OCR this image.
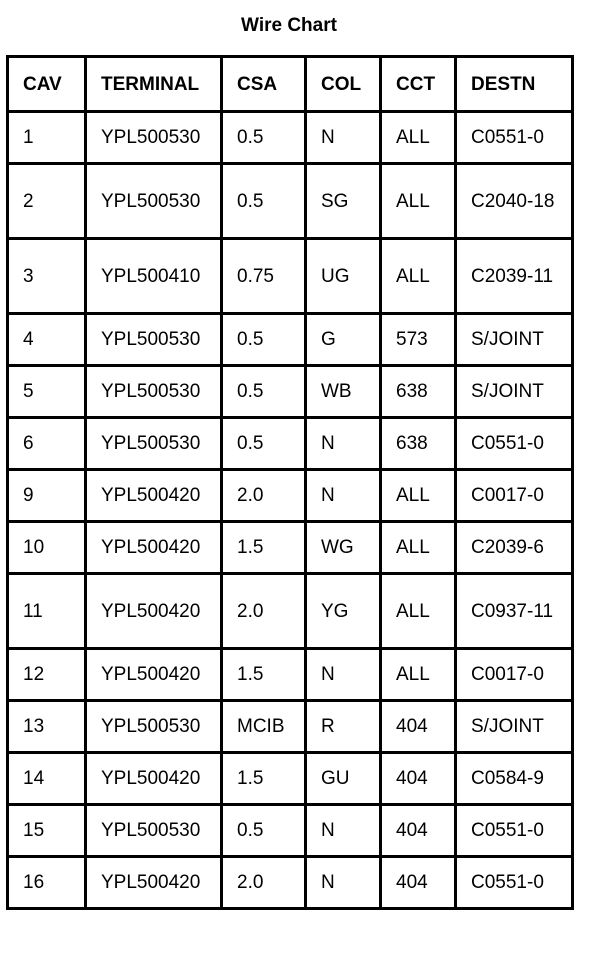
Wire Chart
CAV	TERMINAL	CSA	COL	CCT	DESTN
1	YPL500530	0.5	N	ALL	C0551-0
2	YPL500530	0.5	SG	ALL	C2040-18
3	YPL500410	0.75	UG	ALL	C2039-11
4	YPL500530	0.5	G	573	S/JOINT
5	YPL500530	0.5	WB	638	S/JOINT
6	YPL500530	0.5	N	638	C0551-0
9	YPL500420	2.0	N	ALL	C0017-0
10	YPL500420	1.5	WG	ALL	C2039-6
11	YPL500420	2.0	YG	ALL	C0937-11
12	YPL500420	1.5	N	ALL	C0017-0
13	YPL500530	MCIB	R	404	S/JOINT
14	YPL500420	1.5	GU	404	C0584-9
15	YPL500530	0.5	N	404	C0551-0
16	YPL500420	2.0	N	404	C0551-0
